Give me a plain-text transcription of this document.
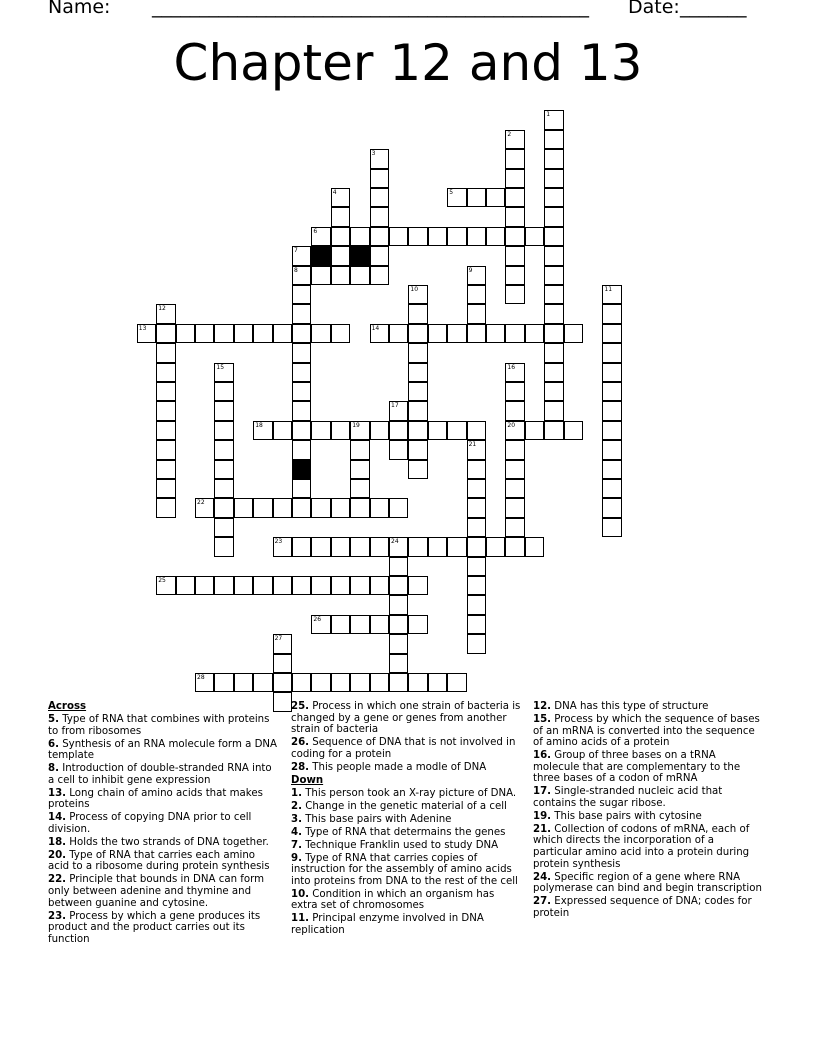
Name: ______________________________________________ Date: _______
Chapter 12 and 13
1
2
3
4	5
6
7
8	9
10	11
12
13	14
15	16
20
17
18	19
21
22
23	24
25
26
27
28
Across
5. Type of RNA that combines with proteins to from ribosomes
6. Synthesis of an RNA molecule form a DNA template
8. Introduction of double-stranded RNA into a cell to inhibit gene expression
13. Long chain of amino acids that makes proteins
14. Process of copying DNA prior to cell division.
18. Holds the two strands of DNA together.
20. Type of RNA that carries each amino acid to a ribosome during protein synthesis
22. Principle that bounds in DNA can form only between adenine and thymine and between guanine and cytosine.
23. Process by which a gene produces its product and the product carries out its function
25. Process in which one strain of bacteria is changed by a gene or genes from another strain of bacteria
26. Sequence of DNA that is not involved in coding for a protein
28. This people made a modle of DNA
Down
1. This person took an X-ray picture of DNA.
2. Change in the genetic material of a cell
3. This base pairs with Adenine
4. Type of RNA that determains the genes
7. Technique Franklin used to study DNA
9. Type of RNA that carries copies of instruction for the assembly of amino acids into proteins from DNA to the rest of the cell
10. Condition in which an organism has extra set of chromosomes
11. Principal enzyme involved in DNA replication
12. DNA has this type of structure
15. Process by which the sequence of bases of an mRNA is converted into the sequence of amino acids of a protein
16. Group of three bases on a tRNA molecule that are complementary to the three bases of a codon of mRNA
17. Single-stranded nucleic acid that contains the sugar ribose.
19. This base pairs with cytosine
21. Collection of codons of mRNA, each of which directs the incorporation of a particular amino acid into a protein during protein synthesis
24. Specific region of a gene where RNA polymerase can bind and begin transcription
27. Expressed sequence of DNA; codes for protein
